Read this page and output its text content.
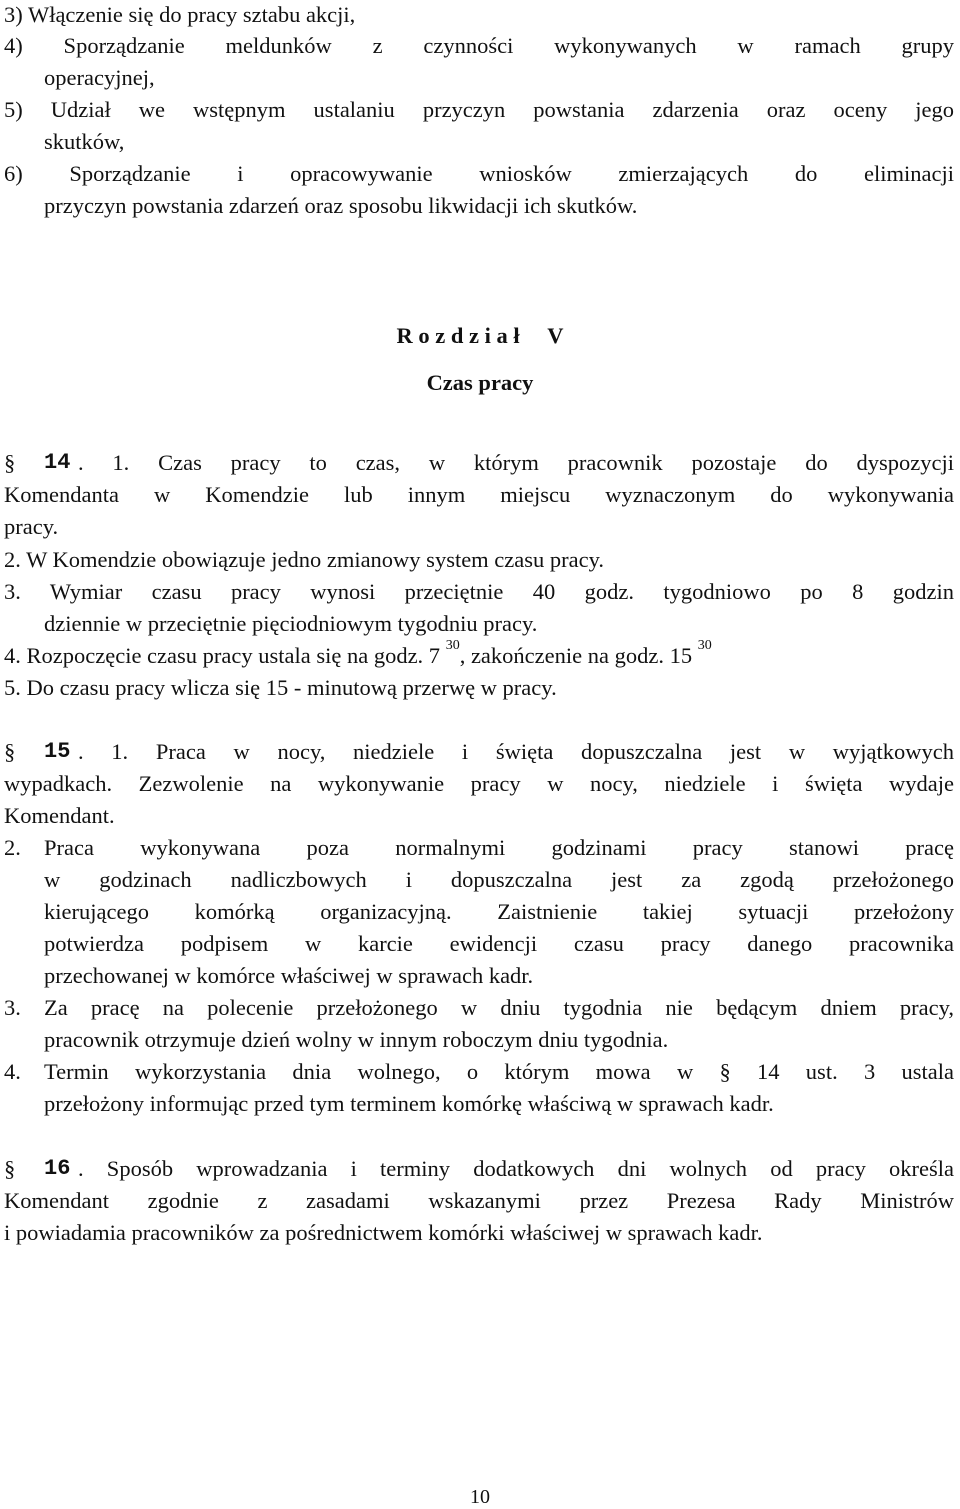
3) Włączenie się do pracy sztabu akcji,
4) Sporządzanie meldunków z czynności wykonywanych w ramach grupy
operacyjnej,
5) Udział we wstępnym ustalaniu przyczyn powstania zdarzenia oraz oceny jego
skutków,
6) Sporządzanie i opracowywanie wniosków zmierzających do eliminacji
przyczyn powstania zdarzeń oraz sposobu likwidacji ich skutków.
R o z d z i a ł     V
Czas pracy
§ 14 . 1. Czas pracy to czas, w którym pracownik pozostaje do dyspozycji
Komendanta w Komendzie lub innym miejscu wyznaczonym do wykonywania
pracy.
2. W Komendzie obowiązuje jedno zmianowy system czasu pracy.
3. Wymiar czasu pracy wynosi przeciętnie 40 godz. tygodniowo po 8 godzin
dziennie w przeciętnie pięciodniowym tygodniu pracy.
4. Rozpoczęcie czasu pracy ustala się na godz. 7 $^{30}$, zakończenie na godz. 15 $^{30}$
5. Do czasu pracy wlicza się 15 - minutową przerwę w pracy.
§ 15 . 1. Praca w nocy, niedziele i święta dopuszczalna jest w wyjątkowych
wypadkach. Zezwolenie na wykonywanie pracy w nocy, niedziele i święta wydaje
Komendant.
2.	Praca wykonywana poza normalnymi godzinami pracy stanowi pracę
w godzinach nadliczbowych i dopuszczalna jest za zgodą przełożonego
kierującego komórką organizacyjną. Zaistnienie takiej sytuacji przełożony
potwierdza podpisem w karcie ewidencji czasu pracy danego pracownika
przechowanej w komórce właściwej w sprawach kadr.
3.	Za pracę na polecenie przełożonego w dniu tygodnia nie będącym dniem pracy,
pracownik otrzymuje dzień wolny w innym roboczym dniu tygodnia.
4.	Termin wykorzystania dnia wolnego, o którym mowa w § 14 ust. 3 ustala
przełożony informując przed tym terminem komórkę właściwą w sprawach kadr.
§ 16 . Sposób wprowadzania i terminy dodatkowych dni wolnych od pracy określa
Komendant zgodnie z zasadami wskazanymi przez Prezesa Rady Ministrów
i powiadamia pracowników za pośrednictwem komórki właściwej w sprawach kadr.
10
